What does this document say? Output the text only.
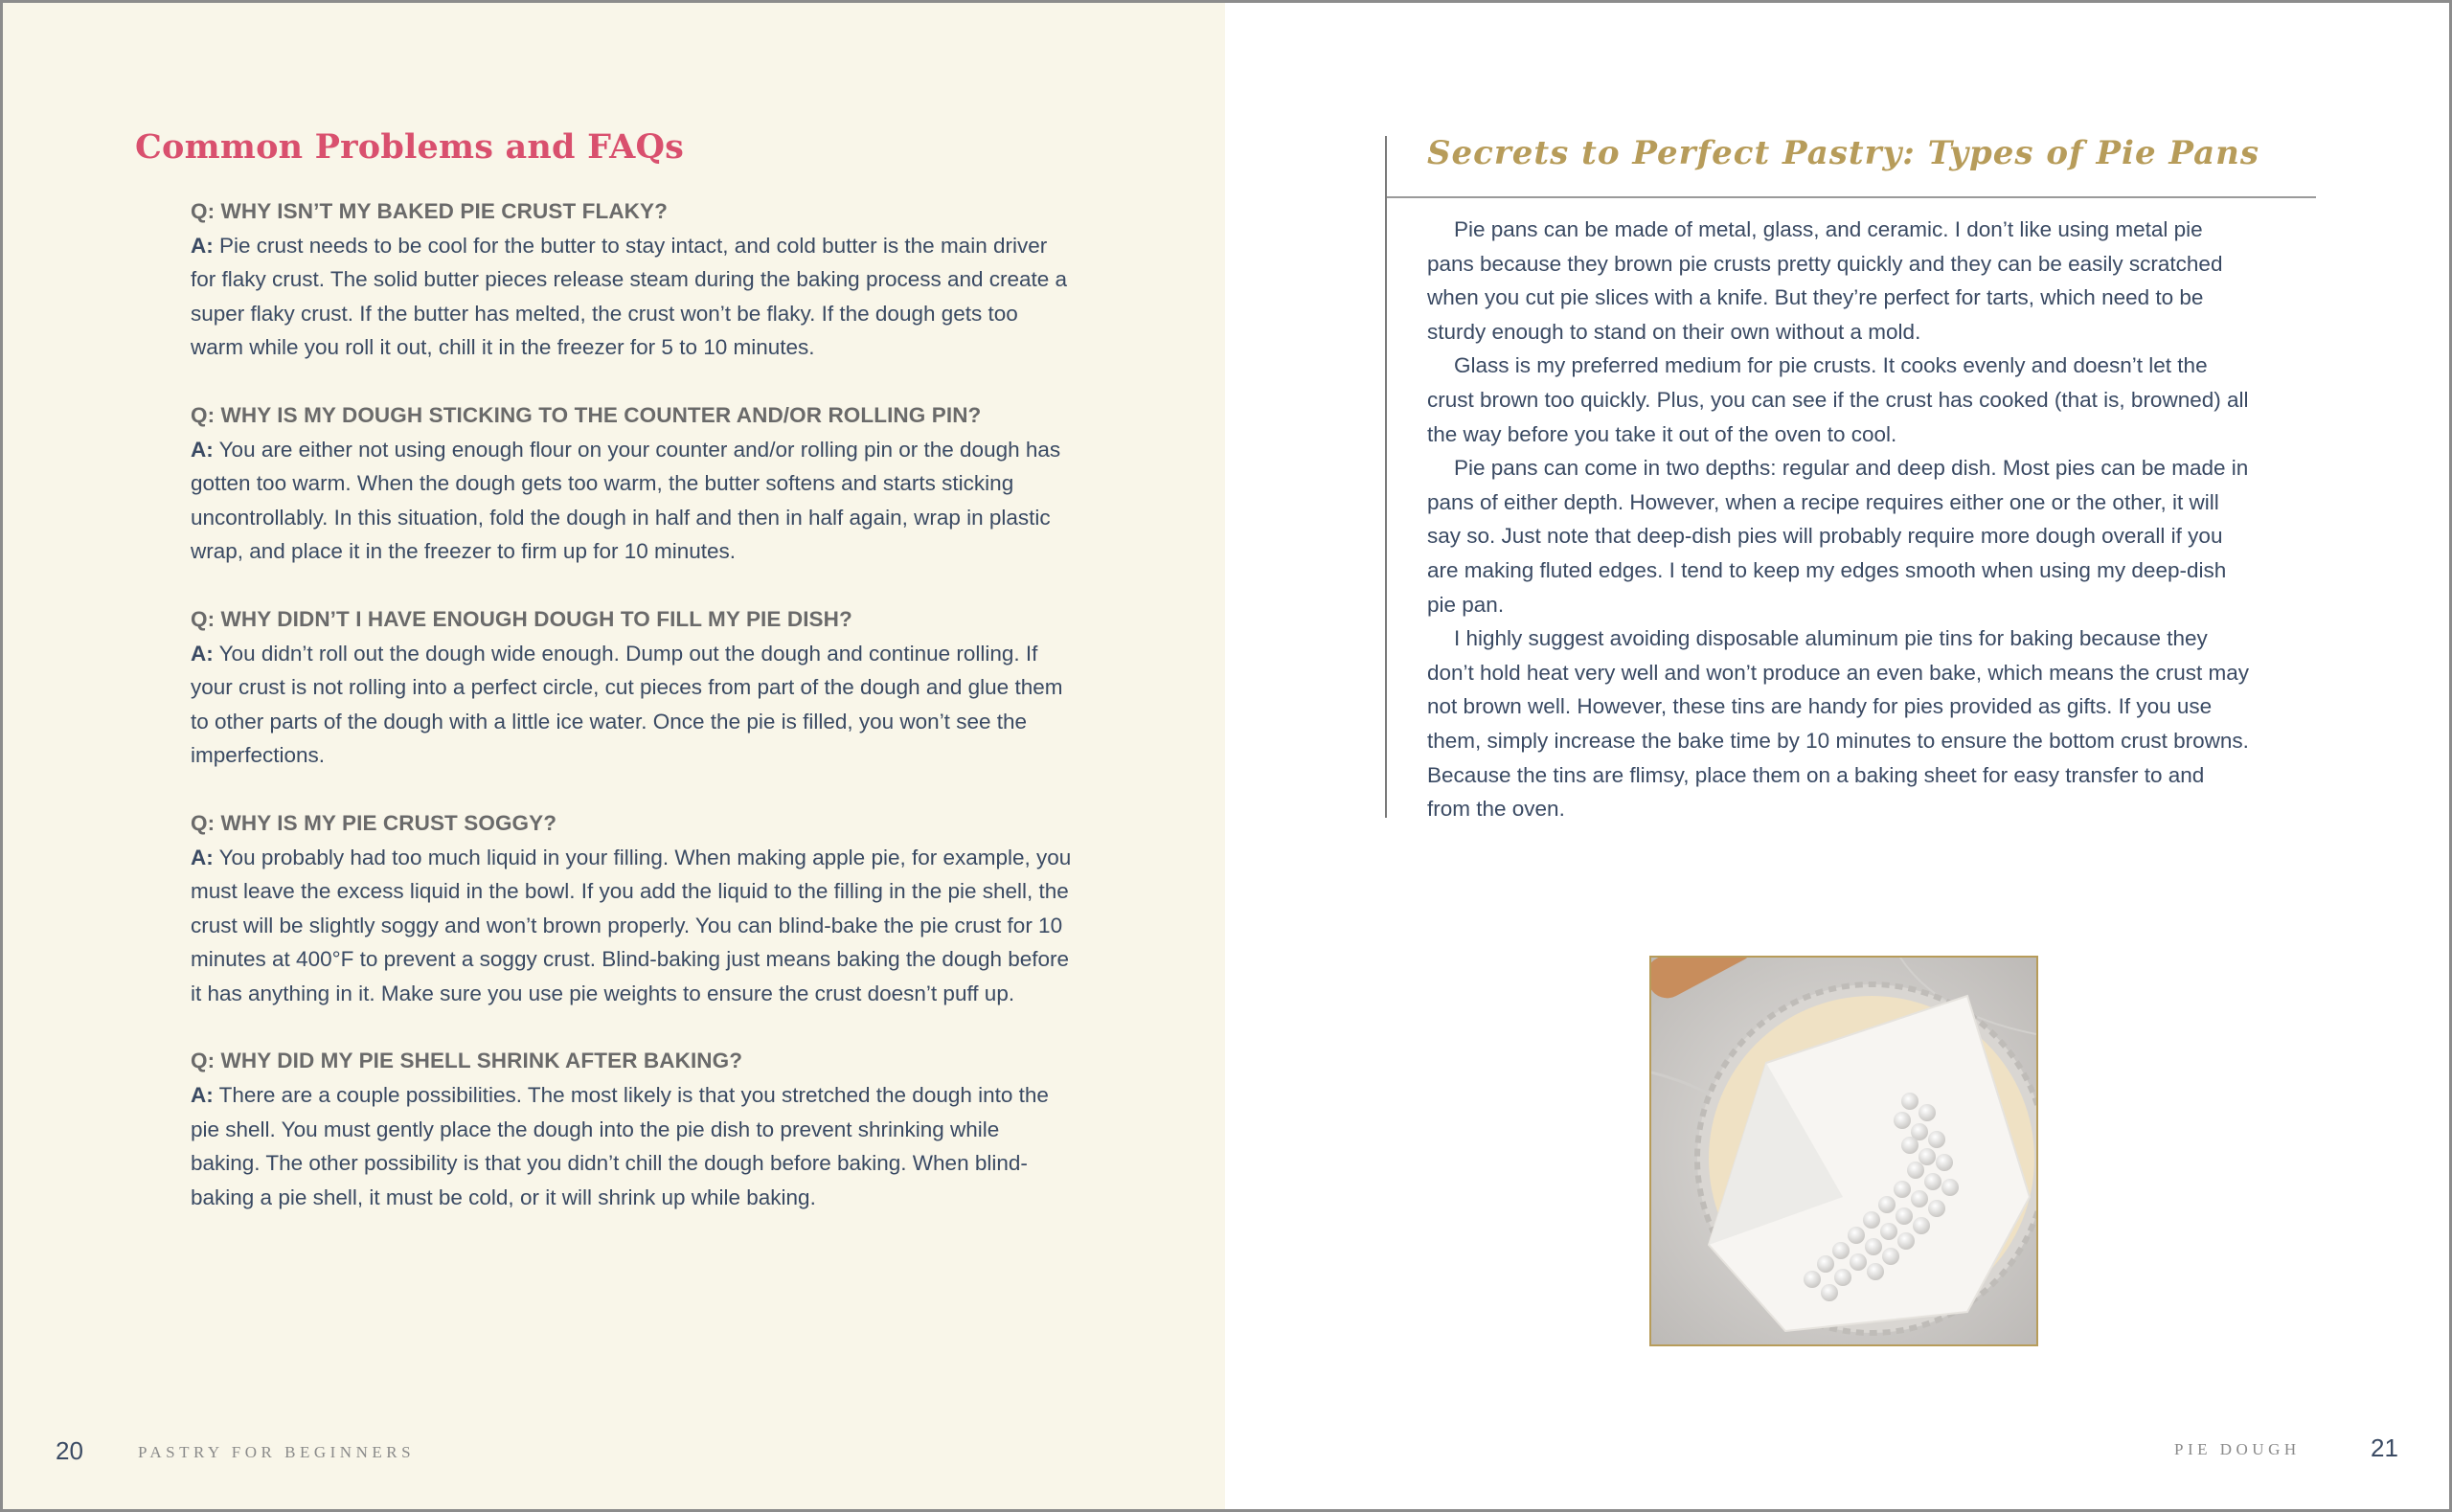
Common Problems and FAQs
Q: WHY ISN’T MY BAKED PIE CRUST FLAKY?
A: Pie crust needs to be cool for the butter to stay intact, and cold butter is the main driver for flaky crust. The solid butter pieces release steam during the baking process and create a super flaky crust. If the butter has melted, the crust won’t be flaky. If the dough gets too warm while you roll it out, chill it in the freezer for 5 to 10 minutes.
Q: WHY IS MY DOUGH STICKING TO THE COUNTER AND/OR ROLLING PIN?
A: You are either not using enough flour on your counter and/or rolling pin or the dough has gotten too warm. When the dough gets too warm, the butter softens and starts sticking uncontrollably. In this situation, fold the dough in half and then in half again, wrap in plastic wrap, and place it in the freezer to firm up for 10 minutes.
Q: WHY DIDN’T I HAVE ENOUGH DOUGH TO FILL MY PIE DISH?
A: You didn’t roll out the dough wide enough. Dump out the dough and continue rolling. If your crust is not rolling into a perfect circle, cut pieces from part of the dough and glue them to other parts of the dough with a little ice water. Once the pie is filled, you won’t see the imperfections.
Q: WHY IS MY PIE CRUST SOGGY?
A: You probably had too much liquid in your filling. When making apple pie, for example, you must leave the excess liquid in the bowl. If you add the liquid to the filling in the pie shell, the crust will be slightly soggy and won’t brown properly. You can blind-bake the pie crust for 10 minutes at 400°F to prevent a soggy crust. Blind-baking just means baking the dough before it has anything in it. Make sure you use pie weights to ensure the crust doesn’t puff up.
Q: WHY DID MY PIE SHELL SHRINK AFTER BAKING?
A: There are a couple possibilities. The most likely is that you stretched the dough into the pie shell. You must gently place the dough into the pie dish to prevent shrinking while baking. The other possibility is that you didn’t chill the dough before baking. When blind-baking a pie shell, it must be cold, or it will shrink up while baking.
20	PASTRY FOR BEGINNERS
Secrets to Perfect Pastry: Types of Pie Pans

Pie pans can be made of metal, glass, and ceramic. I don’t like using metal pie pans because they brown pie crusts pretty quickly and they can be easily scratched when you cut pie slices with a knife. But they’re perfect for tarts, which need to be sturdy enough to stand on their own without a mold.

Glass is my preferred medium for pie crusts. It cooks evenly and doesn’t let the crust brown too quickly. Plus, you can see if the crust has cooked (that is, browned) all the way before you take it out of the oven to cool.

Pie pans can come in two depths: regular and deep dish. Most pies can be made in pans of either depth. However, when a recipe requires either one or the other, it will say so. Just note that deep-dish pies will probably require more dough overall if you are making fluted edges. I tend to keep my edges smooth when using my deep-dish pie pan.

I highly suggest avoiding disposable aluminum pie tins for baking because they don’t hold heat very well and won’t produce an even bake, which means the crust may not brown well. However, these tins are handy for pies provided as gifts. If you use them, simply increase the bake time by 10 minutes to ensure the bottom crust browns. Because the tins are flimsy, place them on a baking sheet for easy transfer to and from the oven.

PIE DOUGH	21
